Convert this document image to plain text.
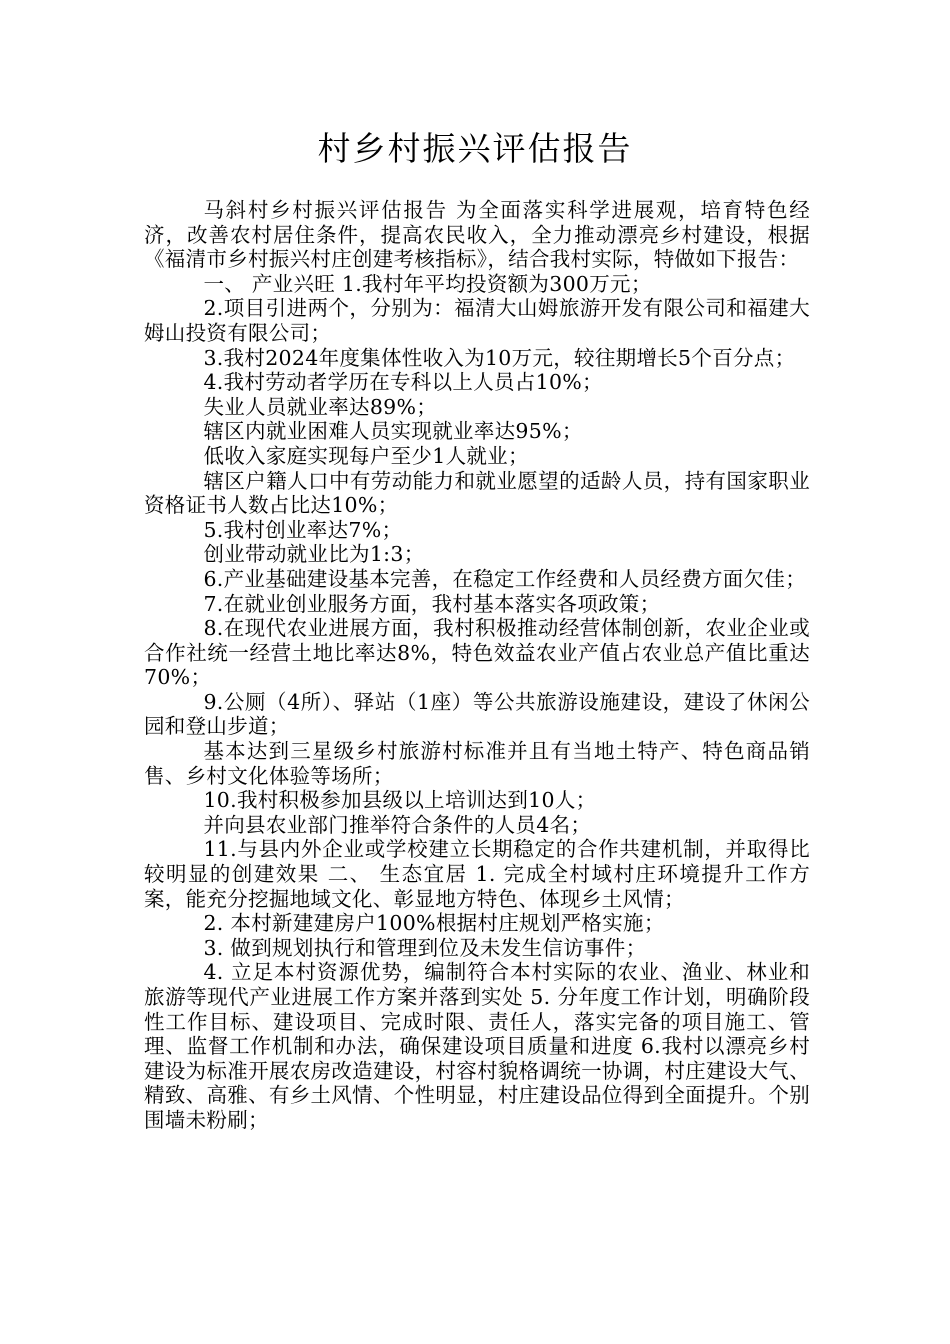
村乡村振兴评估报告

马斜村乡村振兴评估报告 为全面落实科学进展观，培育特色经济，改善农村居住条件，提高农民收入，全力推动漂亮乡村建设，根据《福清市乡村振兴村庄创建考核指标》，结合我村实际，特做如下报告：

一、 产业兴旺 1.我村年平均投资额为300万元；

2.项目引进两个，分别为：福清大山姆旅游开发有限公司和福建大姆山投资有限公司；

3.我村2024年度集体性收入为10万元，较往期增长5个百分点；

4.我村劳动者学历在专科以上人员占10%；

失业人员就业率达89%；

辖区内就业困难人员实现就业率达95%；

低收入家庭实现每户至少1人就业；

辖区户籍人口中有劳动能力和就业愿望的适龄人员，持有国家职业资格证书人数占比达10%；

5.我村创业率达7%；

创业带动就业比为1:3；

6.产业基础建设基本完善，在稳定工作经费和人员经费方面欠佳；

7.在就业创业服务方面，我村基本落实各项政策；

8.在现代农业进展方面，我村积极推动经营体制创新，农业企业或合作社统一经营土地比率达8%，特色效益农业产值占农业总产值比重达70%；

9.公厕（4所）、驿站（1座）等公共旅游设施建设，建设了休闲公园和登山步道；

基本达到三星级乡村旅游村标准并且有当地土特产、特色商品销售、乡村文化体验等场所；

10.我村积极参加县级以上培训达到10人；

并向县农业部门推举符合条件的人员4名；

11.与县内外企业或学校建立长期稳定的合作共建机制，并取得比较明显的创建效果 二、 生态宜居 1. 完成全村域村庄环境提升工作方案，能充分挖掘地域文化、彰显地方特色、体现乡土风情；

2. 本村新建建房户100%根据村庄规划严格实施；

3. 做到规划执行和管理到位及未发生信访事件；

4. 立足本村资源优势，编制符合本村实际的农业、渔业、林业和旅游等现代产业进展工作方案并落到实处 5. 分年度工作计划，明确阶段性工作目标、建设项目、完成时限、责任人，落实完备的项目施工、管理、监督工作机制和办法，确保建设项目质量和进度 6.我村以漂亮乡村建设为标准开展农房改造建设，村容村貌格调统一协调，村庄建设大气、精致、高雅、有乡土风情、个性明显，村庄建设品位得到全面提升。个别围墙未粉刷；
